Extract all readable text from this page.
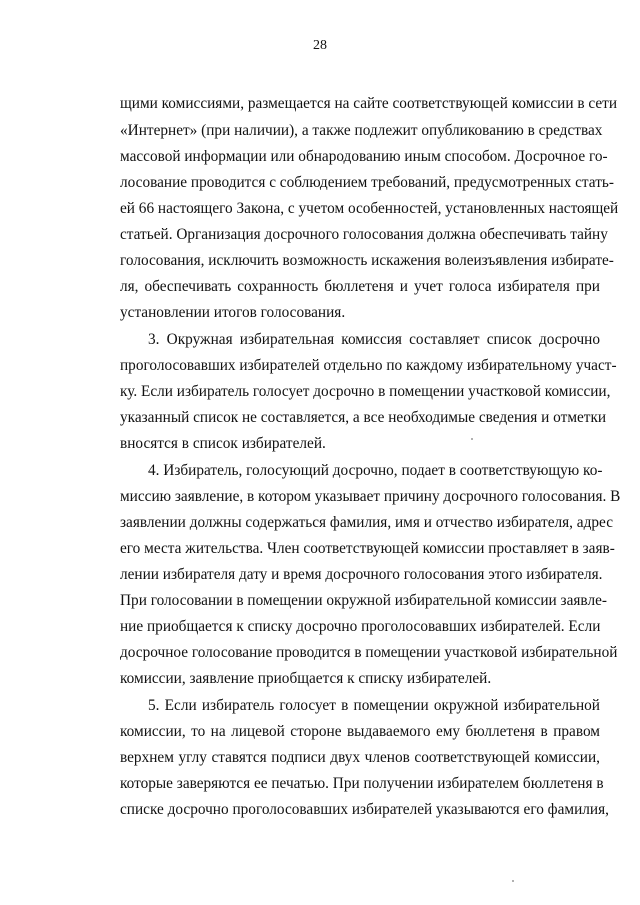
28
щими комиссиями, размещается на сайте соответствующей комиссии в сети
«Интернет» (при наличии), а также подлежит опубликованию в средствах
массовой информации или обнародованию иным способом. Досрочное го-
лосование проводится с соблюдением требований, предусмотренных стать-
ей 66 настоящего Закона, с учетом особенностей, установленных настоящей
статьей. Организация досрочного голосования должна обеспечивать тайну
голосования, исключить возможность искажения волеизъявления избирате-
ля, обеспечивать сохранность бюллетеня и учет голоса избирателя при
установлении итогов голосования.
3. Окружная избирательная комиссия составляет список досрочно
проголосовавших избирателей отдельно по каждому избирательному участ-
ку. Если избиратель голосует досрочно в помещении участковой комиссии,
указанный список не составляется, а все необходимые сведения и отметки
вносятся в список избирателей.
4. Избиратель, голосующий досрочно, подает в соответствующую ко-
миссию заявление, в котором указывает причину досрочного голосования. В
заявлении должны содержаться фамилия, имя и отчество избирателя, адрес
его места жительства. Член соответствующей комиссии проставляет в заяв-
лении избирателя дату и время досрочного голосования этого избирателя.
При голосовании в помещении окружной избирательной комиссии заявле-
ние приобщается к списку досрочно проголосовавших избирателей. Если
досрочное голосование проводится в помещении участковой избирательной
комиссии, заявление приобщается к списку избирателей.
5. Если избиратель голосует в помещении окружной избирательной
комиссии, то на лицевой стороне выдаваемого ему бюллетеня в правом
верхнем углу ставятся подписи двух членов соответствующей комиссии,
которые заверяются ее печатью. При получении избирателем бюллетеня в
списке досрочно проголосовавших избирателей указываются его фамилия,
